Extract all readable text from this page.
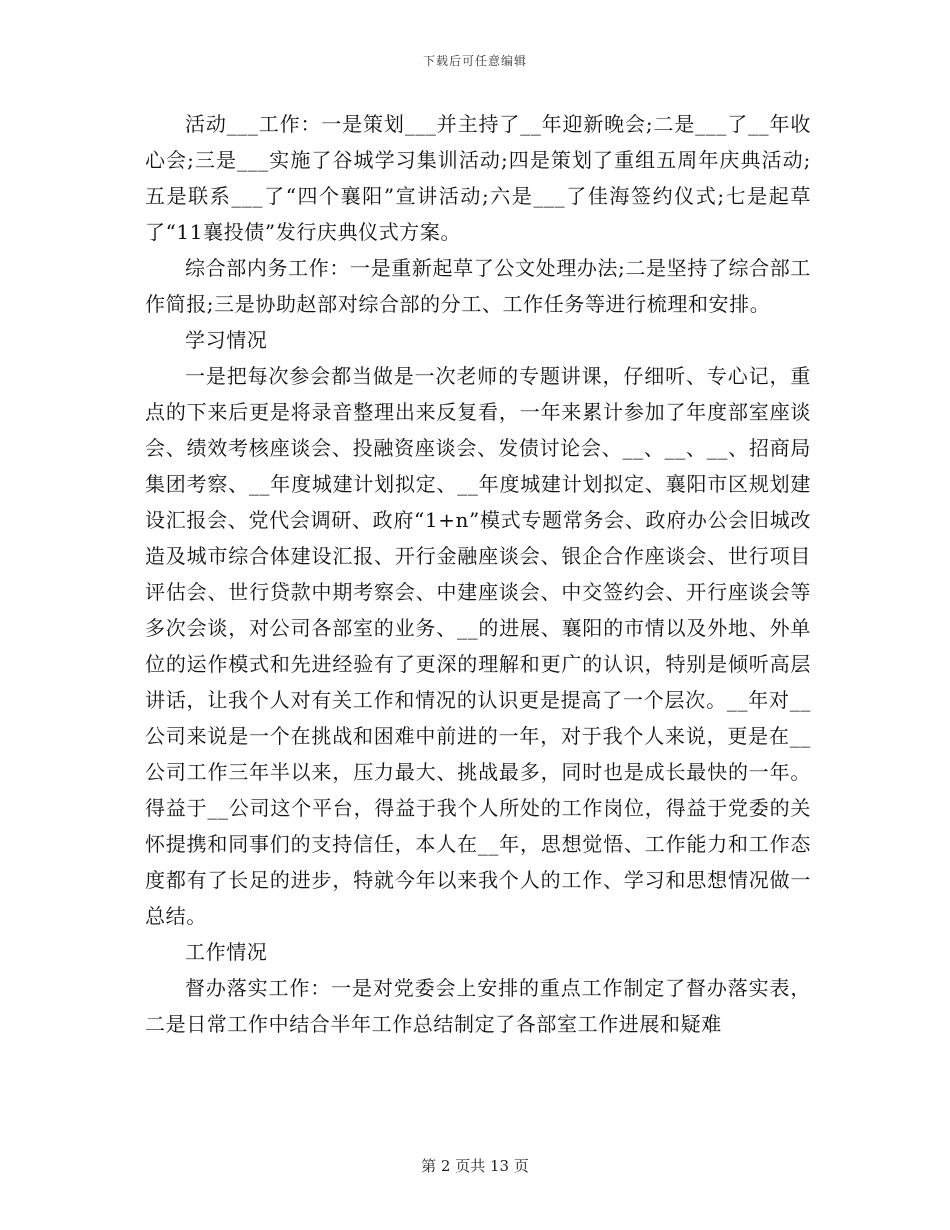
下载后可任意编辑

活动___工作：一是策划___并主持了__年迎新晚会;二是___了__年收心会;三是___实施了谷城学习集训活动;四是策划了重组五周年庆典活动;五是联系___了“四个襄阳”宣讲活动;六是___了佳海签约仪式;七是起草了“11襄投债”发行庆典仪式方案。

综合部内务工作：一是重新起草了公文处理办法;二是坚持了综合部工作简报;三是协助赵部对综合部的分工、工作任务等进行梳理和安排。

学习情况

一是把每次参会都当做是一次老师的专题讲课，仔细听、专心记，重点的下来后更是将录音整理出来反复看，一年来累计参加了年度部室座谈会、绩效考核座谈会、投融资座谈会、发债讨论会、__、__、__、招商局集团考察、__年度城建计划拟定、__年度城建计划拟定、襄阳市区规划建设汇报会、党代会调研、政府“1+n”模式专题常务会、政府办公会旧城改造及城市综合体建设汇报、开行金融座谈会、银企合作座谈会、世行项目评估会、世行贷款中期考察会、中建座谈会、中交签约会、开行座谈会等多次会谈，对公司各部室的业务、__的进展、襄阳的市情以及外地、外单位的运作模式和先进经验有了更深的理解和更广的认识，特别是倾听高层讲话，让我个人对有关工作和情况的认识更是提高了一个层次。__年对__公司来说是一个在挑战和困难中前进的一年，对于我个人来说，更是在__公司工作三年半以来，压力最大、挑战最多，同时也是成长最快的一年。得益于__公司这个平台，得益于我个人所处的工作岗位，得益于党委的关怀提携和同事们的支持信任，本人在__年，思想觉悟、工作能力和工作态度都有了长足的进步，特就今年以来我个人的工作、学习和思想情况做一总结。

工作情况

督办落实工作：一是对党委会上安排的重点工作制定了督办落实表，二是日常工作中结合半年工作总结制定了各部室工作进展和疑难

第 2 页共 13 页
